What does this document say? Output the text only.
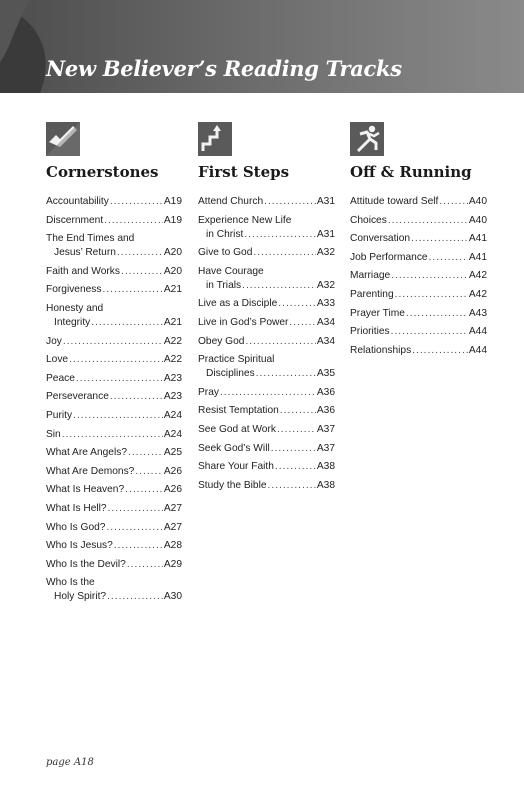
New Believer’s Reading Tracks
Cornerstones
Accountability .....	A19
Discernment .....	A19
The End Times and
Jesus’ Return .....	A20
Faith and Works .....	A20
Forgiveness .....	A21
Honesty and
Integrity .....	A21
Joy .....	A22
Love .....	A22
Peace .....	A23
Perseverance .....	A23
Purity .....	A24
Sin .....	A24
What Are Angels? .....	A25
What Are Demons? .....	A26
What Is Heaven? .....	A26
What Is Hell? .....	A27
Who Is God? .....	A27
Who Is Jesus? .....	A28
Who Is the Devil? .....	A29
Who Is the
Holy Spirit? .....	A30
First Steps
Attend Church .....	A31
Experience New Life
in Christ .....	A31
Give to God .....	A32
Have Courage
in Trials .....	A32
Live as a Disciple .....	A33
Live in God’s Power .....	A34
Obey God .....	A34
Practice Spiritual
Disciplines .....	A35
Pray .....	A36
Resist Temptation .....	A36
See God at Work .....	A37
Seek God’s Will .....	A37
Share Your Faith .....	A38
Study the Bible .....	A38
Off & Running
Attitude toward Self .....	A40
Choices .....	A40
Conversation .....	A41
Job Performance .....	A41
Marriage .....	A42
Parenting .....	A42
Prayer Time .....	A43
Priorities .....	A44
Relationships .....	A44
page A18
